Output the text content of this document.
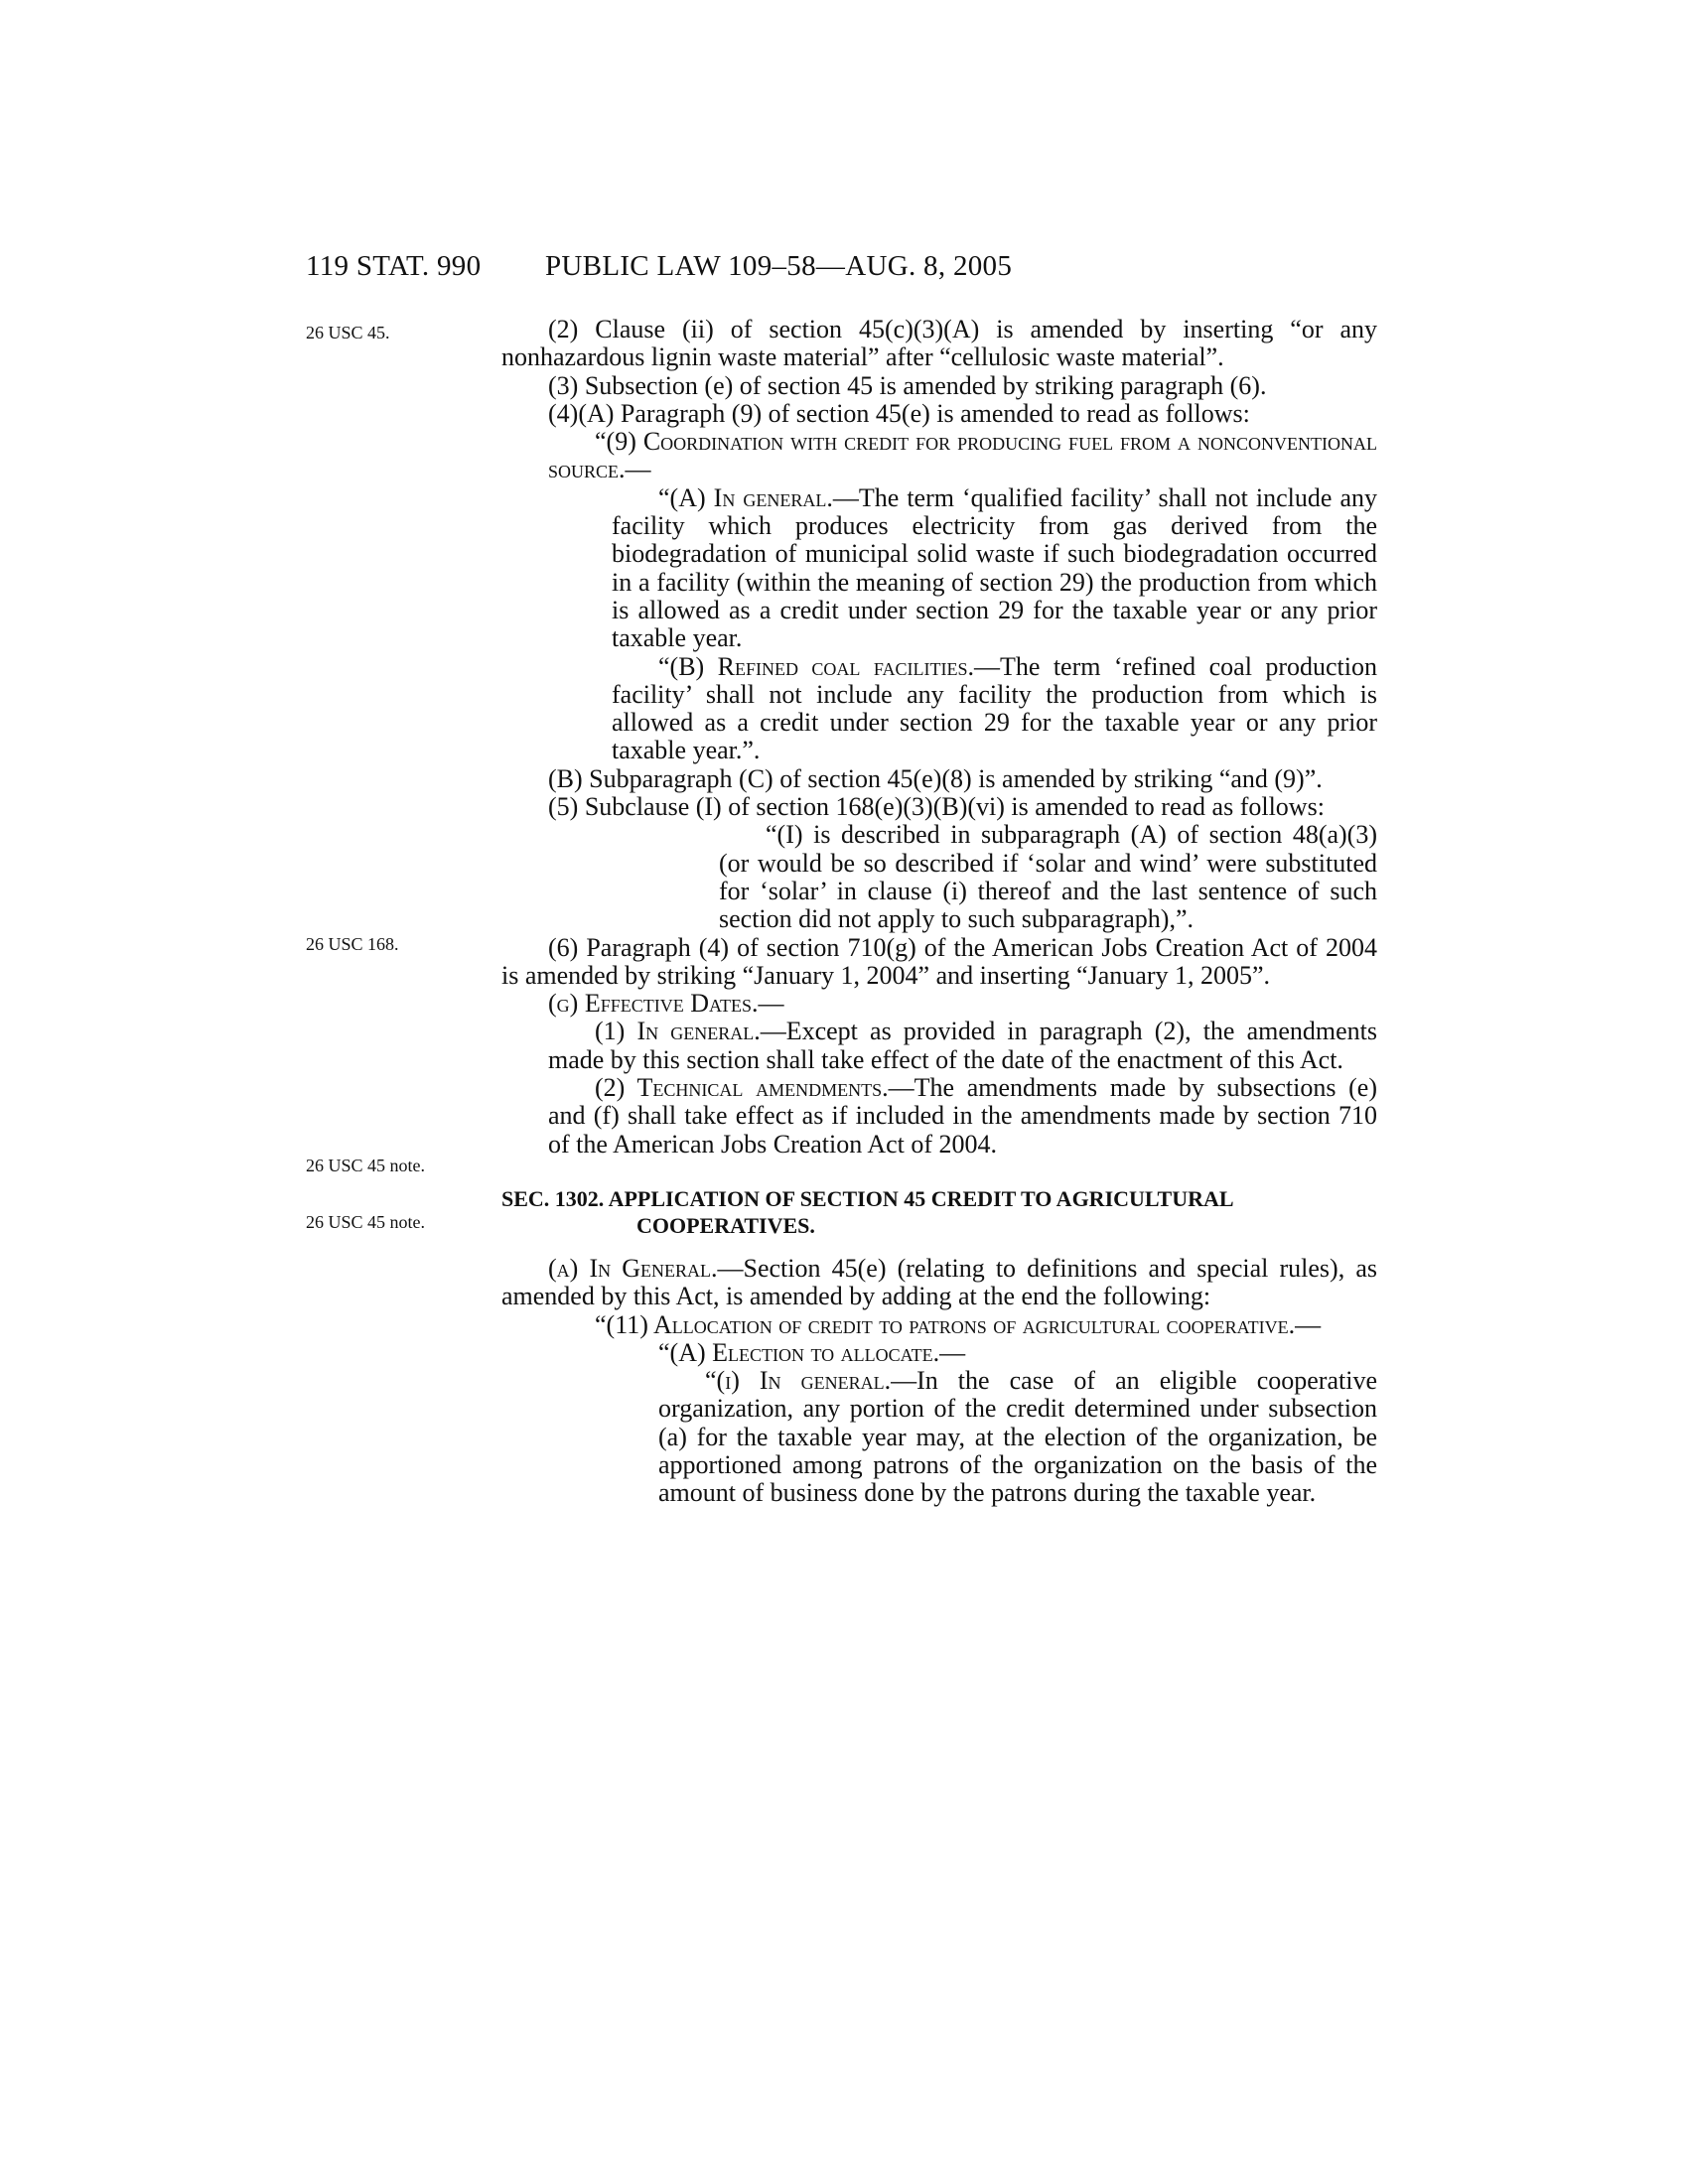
119 STAT. 990 PUBLIC LAW 109–58—AUG. 8, 2005
26 USC 45.
26 USC 168.
26 USC 45 note.
26 USC 45 note.

(2) Clause (ii) of section 45(c)(3)(A) is amended by inserting “or any nonhazardous lignin waste material” after “cellulosic waste material”.

(3) Subsection (e) of section 45 is amended by striking paragraph (6).

(4)(A) Paragraph (9) of section 45(e) is amended to read as follows:

“(9) Coordination with credit for producing fuel from a nonconventional source.—

“(A) In general.—The term ‘qualified facility’ shall not include any facility which produces electricity from gas derived from the biodegradation of municipal solid waste if such biodegradation occurred in a facility (within the meaning of section 29) the production from which is allowed as a credit under section 29 for the taxable year or any prior taxable year.

“(B) Refined coal facilities.—The term ‘refined coal production facility’ shall not include any facility the production from which is allowed as a credit under section 29 for the taxable year or any prior taxable year.”.

(B) Subparagraph (C) of section 45(e)(8) is amended by striking “and (9)”.

(5) Subclause (I) of section 168(e)(3)(B)(vi) is amended to read as follows:

“(I) is described in subparagraph (A) of section 48(a)(3) (or would be so described if ‘solar and wind’ were substituted for ‘solar’ in clause (i) thereof and the last sentence of such section did not apply to such subparagraph),”.

(6) Paragraph (4) of section 710(g) of the American Jobs Creation Act of 2004 is amended by striking “January 1, 2004” and inserting “January 1, 2005”.

(g) Effective Dates.—

(1) In general.—Except as provided in paragraph (2), the amendments made by this section shall take effect of the date of the enactment of this Act.

(2) Technical amendments.—The amendments made by subsections (e) and (f) shall take effect as if included in the amendments made by section 710 of the American Jobs Creation Act of 2004.

SEC. 1302. APPLICATION OF SECTION 45 CREDIT TO AGRICULTURAL
COOPERATIVES.

(a) In General.—Section 45(e) (relating to definitions and special rules), as amended by this Act, is amended by adding at the end the following:

“(11) Allocation of credit to patrons of agricultural cooperative.—

“(A) Election to allocate.—

“(i) In general.—In the case of an eligible cooperative organization, any portion of the credit determined under subsection (a) for the taxable year may, at the election of the organization, be apportioned among patrons of the organization on the basis of the amount of business done by the patrons during the taxable year.
